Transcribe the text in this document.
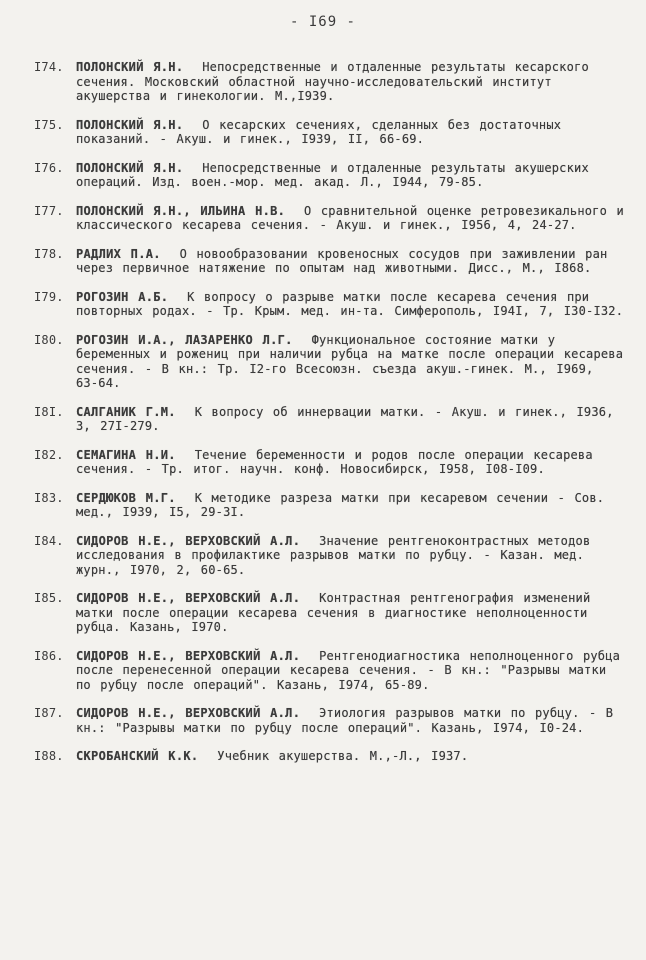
- I69 -
I74.	ПОЛОНСКИЙ Я.Н. Непосредственные и отдаленные результаты кесарского сечения. Московский областной научно-исследовательский институт акушерства и гинекологии. М.,I939.
I75.	ПОЛОНСКИЙ Я.Н. О кесарских сечениях, сделанных без достаточных показаний. - Акуш. и гинек., I939, II, 66-69.
I76.	ПОЛОНСКИЙ Я.Н. Непосредственные и отдаленные результаты акушерских операций. Изд. воен.-мор. мед. акад. Л., I944, 79-85.
I77.	ПОЛОНСКИЙ Я.Н., ИЛЬИНА Н.В. О сравнительной оценке ретровезикального и классического кесарева сечения. - Акуш. и гинек., I956, 4, 24-27.
I78.	РАДЛИХ П.А. О новообразовании кровеносных сосудов при заживлении ран через первичное натяжение по опытам над животными. Дисс., М., I868.
I79.	РОГОЗИН А.Б. К вопросу о разрыве матки после кесарева сечения при повторных родах. - Тр. Крым. мед. ин-та. Симферополь, I94I, 7, I30-I32.
I80.	РОГОЗИН И.А., ЛАЗАРЕНКО Л.Г. Функциональное состояние матки у беременных и рожениц при наличии рубца на матке после операции кесарева сечения. - В кн.: Тр. I2-го Всесоюзн. съезда акуш.-гинек. М., I969, 63-64.
I8I.	САЛГАНИК Г.М. К вопросу об иннервации матки. - Акуш. и гинек., I936, 3, 27I-279.
I82.	СЕМАГИНА Н.И. Течение беременности и родов после операции кесарева сечения. - Тр. итог. научн. конф. Новосибирск, I958, I08-I09.
I83.	СЕРДЮКОВ М.Г. К методике разреза матки при кесаревом сечении - Сов. мед., I939, I5, 29-3I.
I84.	СИДОРОВ Н.Е., ВЕРХОВСКИЙ А.Л. Значение рентгеноконтрастных методов исследования в профилактике разрывов матки по рубцу. - Казан. мед. журн., I970, 2, 60-65.
I85.	СИДОРОВ Н.Е., ВЕРХОВСКИЙ А.Л. Контрастная рентгенография изменений матки после операции кесарева сечения в диагностике неполноценности рубца. Казань, I970.
I86.	СИДОРОВ Н.Е., ВЕРХОВСКИЙ А.Л. Рентгенодиагностика неполноценного рубца после перенесенной операции кесарева сечения. - В кн.: "Разрывы матки по рубцу после операций". Казань, I974, 65-89.
I87.	СИДОРОВ Н.Е., ВЕРХОВСКИЙ А.Л. Этиология разрывов матки по рубцу. - В кн.: "Разрывы матки по рубцу после операций". Казань, I974, I0-24.
I88.	СКРОБАНСКИЙ К.К. Учебник акушерства. М.,-Л., I937.
